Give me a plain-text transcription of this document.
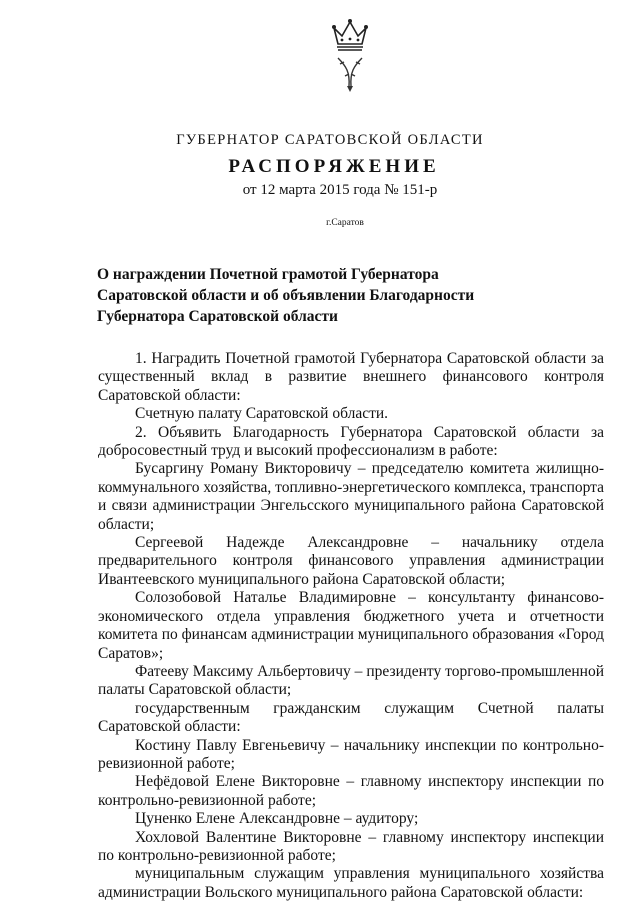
ГУБЕРНАТОР САРАТОВСКОЙ ОБЛАСТИ
РАСПОРЯЖЕНИЕ
от 12 марта 2015 года № 151-р
г.Саратов
О награждении Почетной грамотой Губернатора
Саратовской области и об объявлении Благодарности
Губернатора Саратовской области

1. Наградить Почетной грамотой Губернатора Саратовской области за существенный вклад в развитие внешнего финансового контроля Саратовской области:

Счетную палату Саратовской области.

2. Объявить Благодарность Губернатора Саратовской области за добросовестный труд и высокий профессионализм в работе:

Бусаргину Роману Викторовичу – председателю комитета жилищно-коммунального хозяйства, топливно-энергетического комплекса, транспорта и связи администрации Энгельсского муниципального района Саратовской области;

Сергеевой Надежде Александровне – начальнику отдела предварительного контроля финансового управления администрации Ивантеевского муниципального района Саратовской области;

Солозобовой Наталье Владимировне – консультанту финансово-экономического отдела управления бюджетного учета и отчетности комитета по финансам администрации муниципального образования «Город Саратов»;

Фатееву Максиму Альбертовичу – президенту торгово-промышленной палаты Саратовской области;

государственным гражданским служащим Счетной палаты Саратовской области:

Костину Павлу Евгеньевичу – начальнику инспекции по контрольно-ревизионной работе;

Нефёдовой Елене Викторовне – главному инспектору инспекции по контрольно-ревизионной работе;

Цуненко Елене Александровне – аудитору;

Хохловой Валентине Викторовне – главному инспектору инспекции по контрольно-ревизионной работе;

муниципальным служащим управления муниципального хозяйства администрации Вольского муниципального района Саратовской области:
